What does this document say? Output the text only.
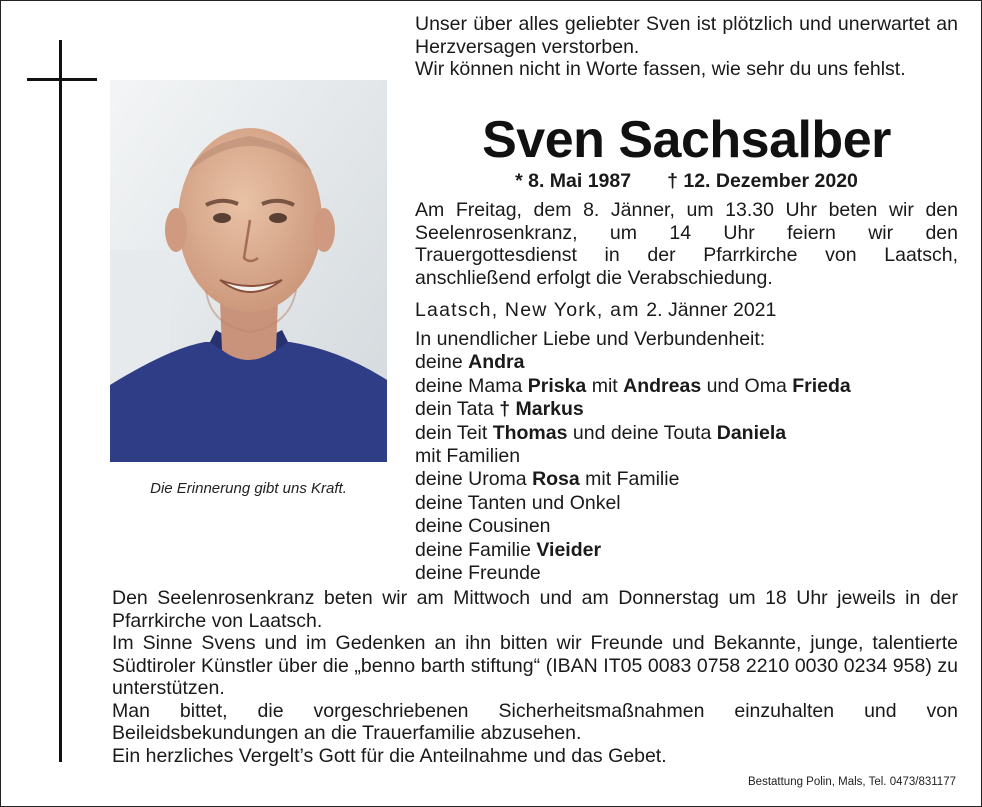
Die Erinnerung gibt uns Kraft.

Unser über alles geliebter Sven ist plötzlich und unerwartet an Herzversagen verstorben.

Wir können nicht in Worte fassen, wie sehr du uns fehlst.

Sven Sachsalber
* 8. Mai 1987 † 12. Dezember 2020
Am Freitag, dem 8. Jänner, um 13.30 Uhr beten wir den Seelenrosenkranz, um 14 Uhr feiern wir den Trauergottesdienst in der Pfarrkirche von Laatsch, anschließend erfolgt die Verabschiedung.
Laatsch, New York, am 2. Jänner 2021
In unendlicher Liebe und Verbundenheit:
deine Andra
deine Mama Priska mit Andreas und Oma Frieda
dein Tata † Markus
dein Teit Thomas und deine Touta Daniela
mit Familien
deine Uroma Rosa mit Familie
deine Tanten und Onkel
deine Cousinen
deine Familie Vieider
deine Freunde

Den Seelenrosenkranz beten wir am Mittwoch und am Donnerstag um 18 Uhr jeweils in der Pfarrkirche von Laatsch.

Im Sinne Svens und im Gedenken an ihn bitten wir Freunde und Bekannte, junge, talentierte Südtiroler Künstler über die „benno barth stiftung“ (IBAN IT05 0083 0758 2210 0030 0234 958) zu unterstützen.

Man bittet, die vorgeschriebenen Sicherheitsmaßnahmen einzuhalten und von Beileidsbekundungen an die Trauerfamilie abzusehen.

Ein herzliches Vergelt’s Gott für die Anteilnahme und das Gebet.

Bestattung Polin, Mals, Tel. 0473/831177
